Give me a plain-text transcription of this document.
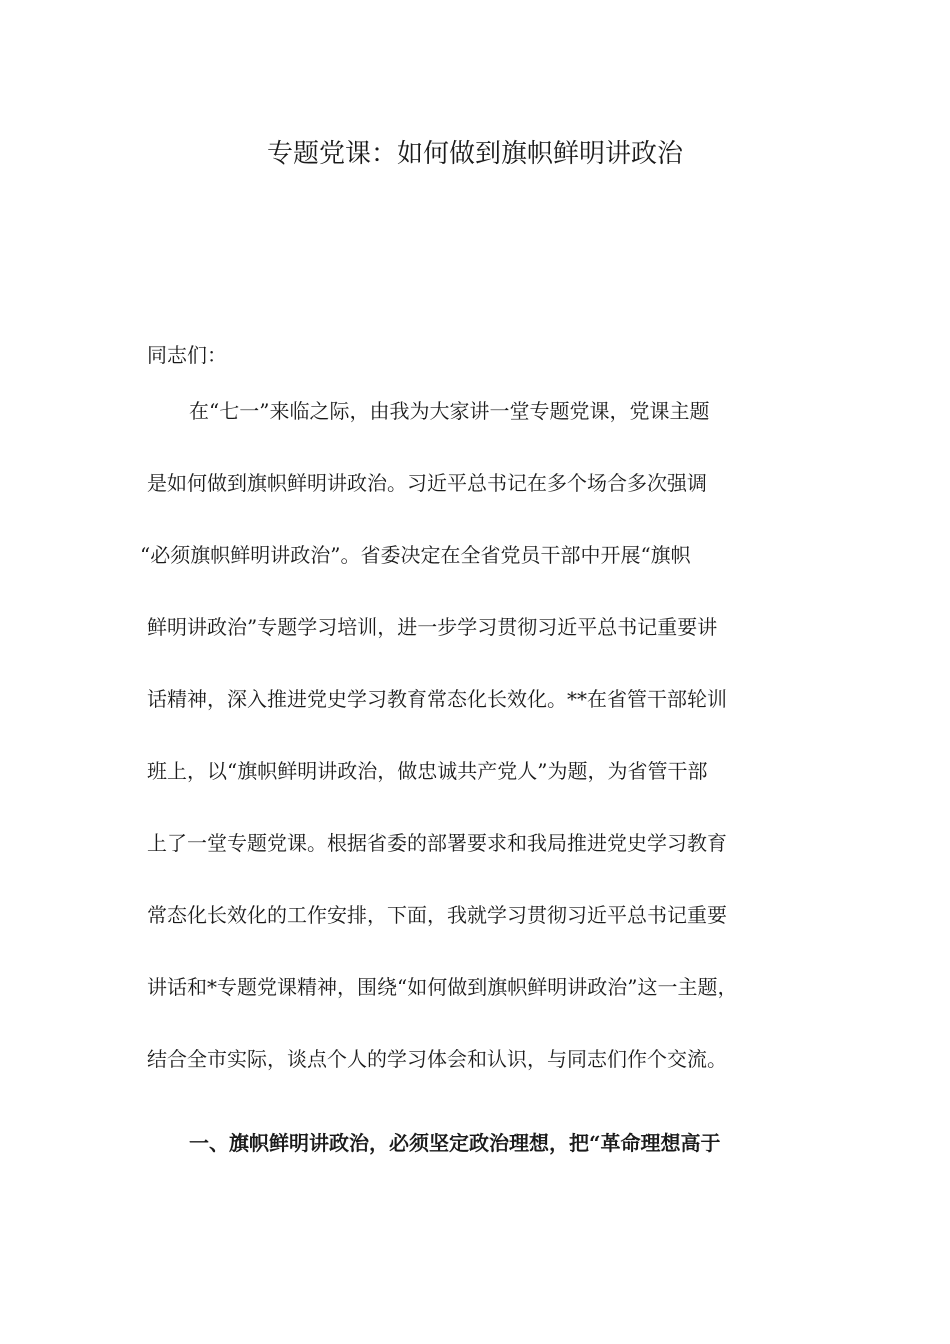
专题党课：如何做到旗帜鲜明讲政治
同志们：
在“七一”来临之际，由我为大家讲一堂专题党课，党课主题
是如何做到旗帜鲜明讲政治。习近平总书记在多个场合多次强调
“必须旗帜鲜明讲政治”。省委决定在全省党员干部中开展“旗帜
鲜明讲政治”专题学习培训，进一步学习贯彻习近平总书记重要讲
话精神，深入推进党史学习教育常态化长效化。**在省管干部轮训
班上，以“旗帜鲜明讲政治，做忠诚共产党人”为题，为省管干部
上了一堂专题党课。根据省委的部署要求和我局推进党史学习教育
常态化长效化的工作安排，下面，我就学习贯彻习近平总书记重要
讲话和*专题党课精神，围绕“如何做到旗帜鲜明讲政治”这一主题，
结合全市实际，谈点个人的学习体会和认识，与同志们作个交流。
一、旗帜鲜明讲政治，必须坚定政治理想，把“革命理想高于
